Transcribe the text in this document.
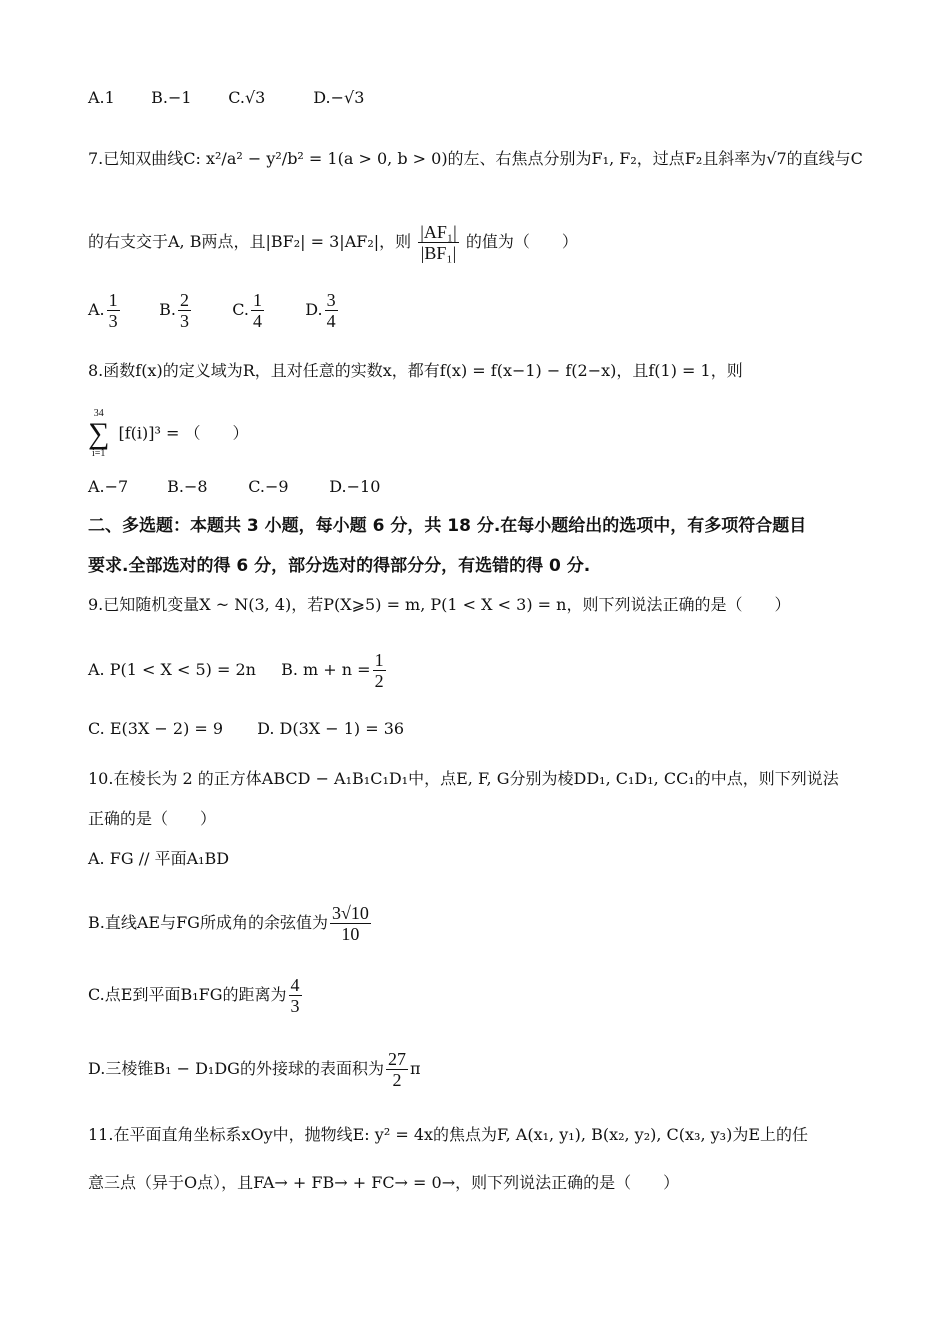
A.1 B.−1 C.√3	D.−√3
7.已知双曲线C: x²/a² − y²/b² = 1(a > 0, b > 0)的左、右焦点分别为F₁, F₂，过点F₂且斜率为√7的直线与C
的右支交于A, B两点，且|BF₂| = 3|AF₂|，则 $\frac{\text{|AF₁|}}{\text{|BF₁|}}$ 的值为（　　）
A. $\frac{1}{3} B$. $\frac{2}{3}$	C. $\frac{1}{4}$	D. $\frac{3}{4}$
8.函数f(x)的定义域为R，且对任意的实数x，都有f(x) = f(x−1) − f(2−x)，且f(1) = 1，则
34
∑
i=1
[f(i)]³ = （　　）
A.−7 B.−8	C.−9	D.−10
二、多选题：本题共 3 小题，每小题 6 分，共 18 分.在每小题给出的选项中，有多项符合题目
要求.全部选对的得 6 分，部分选对的得部分分，有选错的得 0 分.
9.已知随机变量X ~ N(3, 4)，若P(X⩾5) = m, P(1 < X < 3) = n，则下列说法正确的是（　　）
A. P(1 < X < 5) = 2n B. $m + n = \frac{1}{2}$
C. E(3X − 2) = 9 D. D(3X − 1) = 36
10.在棱长为 2 的正方体ABCD − A₁B₁C₁D₁中，点E, F, G分别为棱DD₁, C₁D₁, CC₁的中点，则下列说法
正确的是（　　）
A. FG // 平面A₁BD
B.直线AE与FG所成角的余弦值为 $\frac{3√10}{10}$
C.点E到平面B₁FG的距离为 $\frac{4}{3}$
D.三棱锥B₁ − D₁DG的外接球的表面积为 $\frac{27}{2}$ π
11.在平面直角坐标系xOy中，抛物线E: y² = 4x的焦点为F, A(x₁, y₁), B(x₂, y₂), C(x₃, y₃)为E上的任
意三点（异于O点），且FA→ + FB→ + FC→ = 0→，则下列说法正确的是（　　）
